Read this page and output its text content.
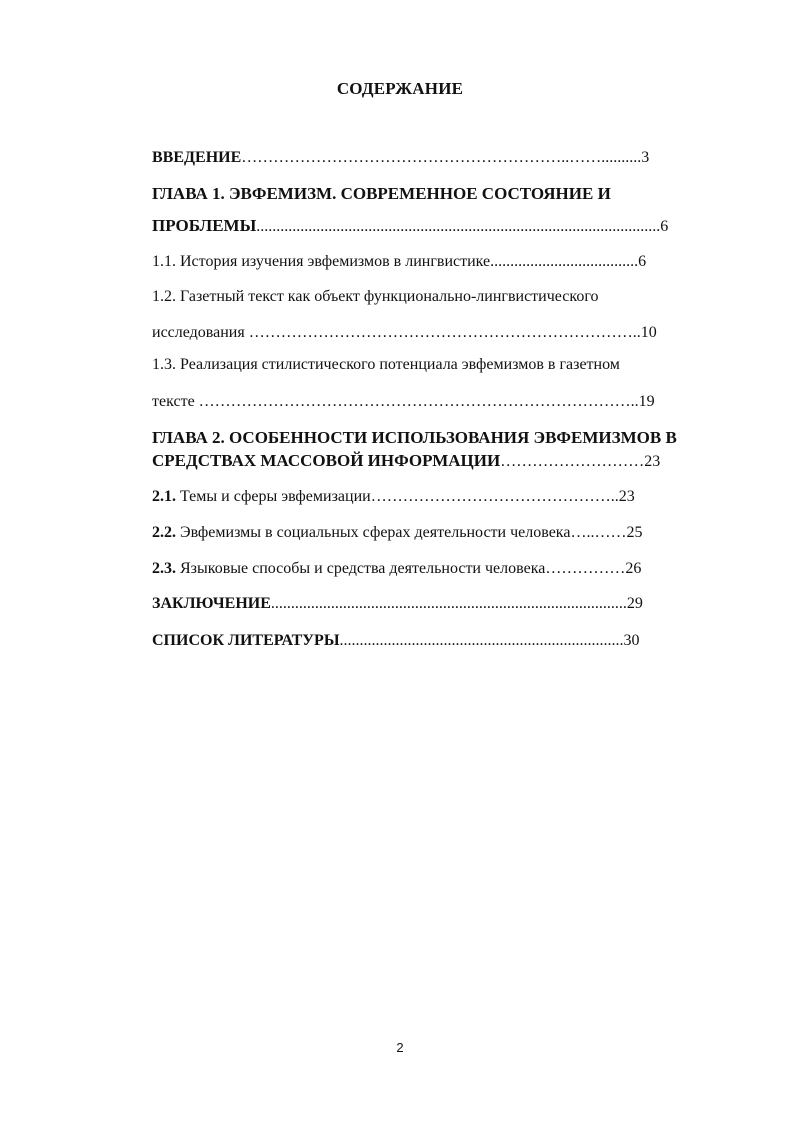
СОДЕРЖАНИЕ
ВВЕДЕНИЕ……………………………………………………..……..........3
ГЛАВА 1. ЭВФЕМИЗМ. СОВРЕМЕННОЕ СОСТОЯНИЕ И
ПРОБЛЕМЫ.....................................................................................................6
1.1. История изучения эвфемизмов в лингвистике.....................................6
1.2. Газетный текст как объект функционально-лингвистического
исследования ………………………………………………………………..10
1.3. Реализация стилистического потенциала эвфемизмов в газетном
тексте ………………………………………………………………………..19
ГЛАВА 2. ОСОБЕННОСТИ ИСПОЛЬЗОВАНИЯ ЭВФЕМИЗМОВ В
СРЕДСТВАХ МАССОВОЙ ИНФОРМАЦИИ………………………23
2.1. Темы и сферы эвфемизации………………………………………..23
2.2. Эвфемизмы в социальных сферах деятельности человека…..……25
2.3. Языковые способы и средства деятельности человека……………26
ЗАКЛЮЧЕНИЕ.........................................................................................29
СПИСОК ЛИТЕРАТУРЫ.......................................................................30
2
